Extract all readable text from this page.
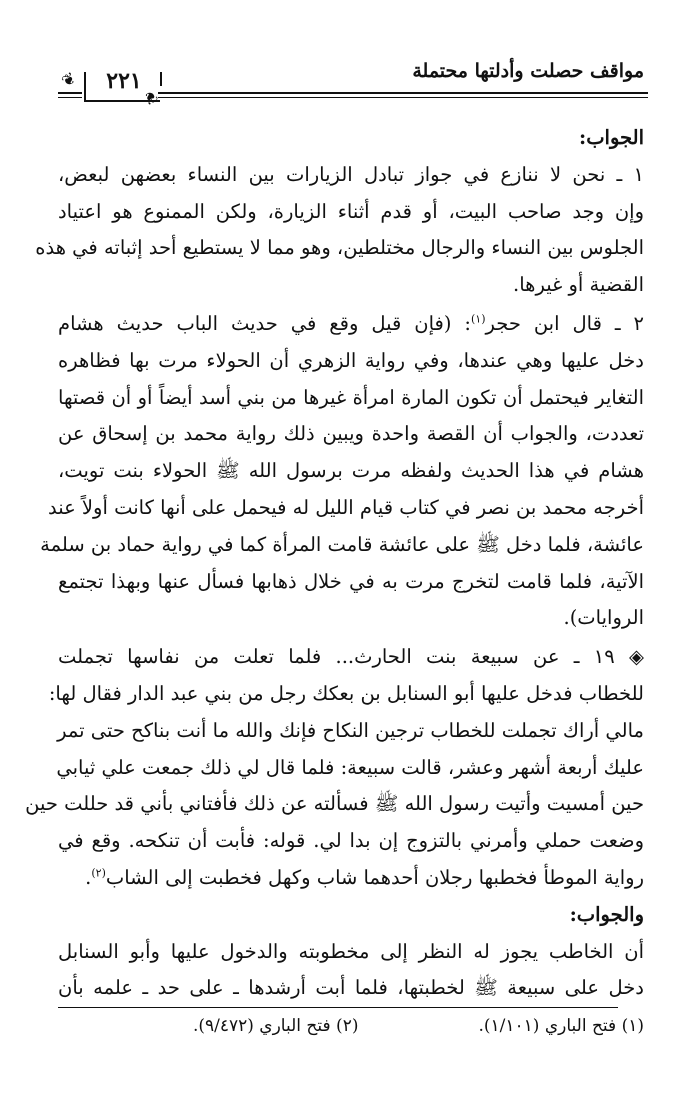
مواقف حصلت وأدلتها محتملة
٢٢١
❦
❦
الجواب:
١ ـ نحن لا ننازع في جواز تبادل الزيارات بين النساء بعضهن لبعض،
وإن وجد صاحب البيت، أو قدم أثناء الزيارة، ولكن الممنوع هو اعتياد
الجلوس بين النساء والرجال مختلطين، وهو مما لا يستطيع أحد إثباته في هذه
القضية أو غيرها.
٢ ـ قال ابن حجر$^{(١)}$: (فإن قيل وقع في حديث الباب حديث هشام
دخل عليها وهي عندها، وفي رواية الزهري أن الحولاء مرت بها فظاهره
التغاير فيحتمل أن تكون المارة امرأة غيرها من بني أسد أيضاً أو أن قصتها
تعددت، والجواب أن القصة واحدة ويبين ذلك رواية محمد بن إسحاق عن
هشام في هذا الحديث ولفظه مرت برسول الله ﷺ الحولاء بنت تويت،
أخرجه محمد بن نصر في كتاب قيام الليل له فيحمل على أنها كانت أولاً عند
عائشة، فلما دخل ﷺ على عائشة قامت المرأة كما في رواية حماد بن سلمة
الآتية، فلما قامت لتخرج مرت به في خلال ذهابها فسأل عنها وبهذا تجتمع
الروايات).
◈ ١٩ ـ عن سبيعة بنت الحارث... فلما تعلت من نفاسها تجملت
للخطاب فدخل عليها أبو السنابل بن بعكك رجل من بني عبد الدار فقال لها:
مالي أراك تجملت للخطاب ترجين النكاح فإنك والله ما أنت بناكح حتى تمر
عليك أربعة أشهر وعشر، قالت سبيعة: فلما قال لي ذلك جمعت علي ثيابي
حين أمسيت وأتيت رسول الله ﷺ فسألته عن ذلك فأفتاني بأني قد حللت حين
وضعت حملي وأمرني بالتزوج إن بدا لي. قوله: فأبت أن تنكحه. وقع في
رواية الموطأ فخطبها رجلان أحدهما شاب وكهل فخطبت إلى الشاب$^{(٢)}$.
والجواب:
أن الخاطب يجوز له النظر إلى مخطوبته والدخول عليها وأبو السنابل
دخل على سبيعة ﷺ لخطبتها، فلما أبت أرشدها ـ على حد ـ علمه بأن
(١) فتح الباري (١/١٠١).
(٢) فتح الباري (٩/٤٧٢).
